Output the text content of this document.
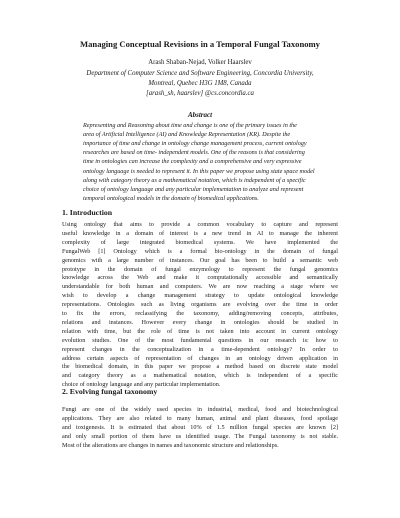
Managing Conceptual Revisions in a Temporal Fungal Taxonomy
Arash Shaban-Nejad, Volker Haarslev
Department of Computer Science and Software Engineering, Concordia University,
Montreal, Quebec H3G 1M8, Canada
[arash_sh, haarslev] @cs.concordia.ca
Abstract
Representing and Reasoning about time and change is one of the primary issues in the
area of Artificial Intelligence (AI) and Knowledge Representation (KR). Despite the
importance of time and change in ontology change management process, current ontology
researches are based on time- independent models. One of the reasons is that considering
time in ontologies can increase the complexity and a comprehensive and very expressive
ontology language is needed to represent it. In this paper we propose using state space model
along with category theory as a mathematical notation, which is independent of a specific
choice of ontology language and any particular implementation to analyze and represent
temporal ontological models in the domain of biomedical applications.
1. Introduction
Using ontology that aims to provide a common vocabulary to capture and represent
useful knowledge in a domain of interest is a new trend in AI to manage the inherent
complexity of large integrated biomedical systems. We have implemented the
FungalWeb [1] Ontology which is a formal bio-ontology in the domain of fungal
genomics with a large number of instances. Our goal has been to build a semantic web
prototype in the domain of fungal enzymology to represent the fungal genomics
knowledge across the Web and make it computationally accessible and semantically
understandable for both human and computers. We are now reaching a stage where we
wish to develop a change management strategy to update ontological knowledge
representations. Ontologies such as living organisms are evolving over the time in order
to fix the errors, reclassifying the taxonomy, adding/removing concepts, attributes,
relations and instances. However every change in ontologies should be studied in
relation with time, but the role of time is not taken into account in current ontology
evolution studies. One of the most fundamental questions in our research is: how to
represent changes in the conceptualization in a time-dependent ontology? In order to
address certain aspects of representation of changes in an ontology driven application in
the biomedical domain, in this paper we propose a method based on discrete state model
and category theory as a mathematical notation, which is independent of a specific
choice of ontology language and any particular implementation.
2. Evolving fungal taxonomy
Fungi are one of the widely used species in industrial, medical, food and biotechnological
applications. They are also related to many human, animal and plant diseases, food spoilage
and toxigenesis. It is estimated that about 10% of 1.5 million fungal species are known [2]
and only small portion of them have us identified usage. The Fungal taxonomy is not stable.
Most of the alterations are changes in names and taxonomic structure and relationships.
